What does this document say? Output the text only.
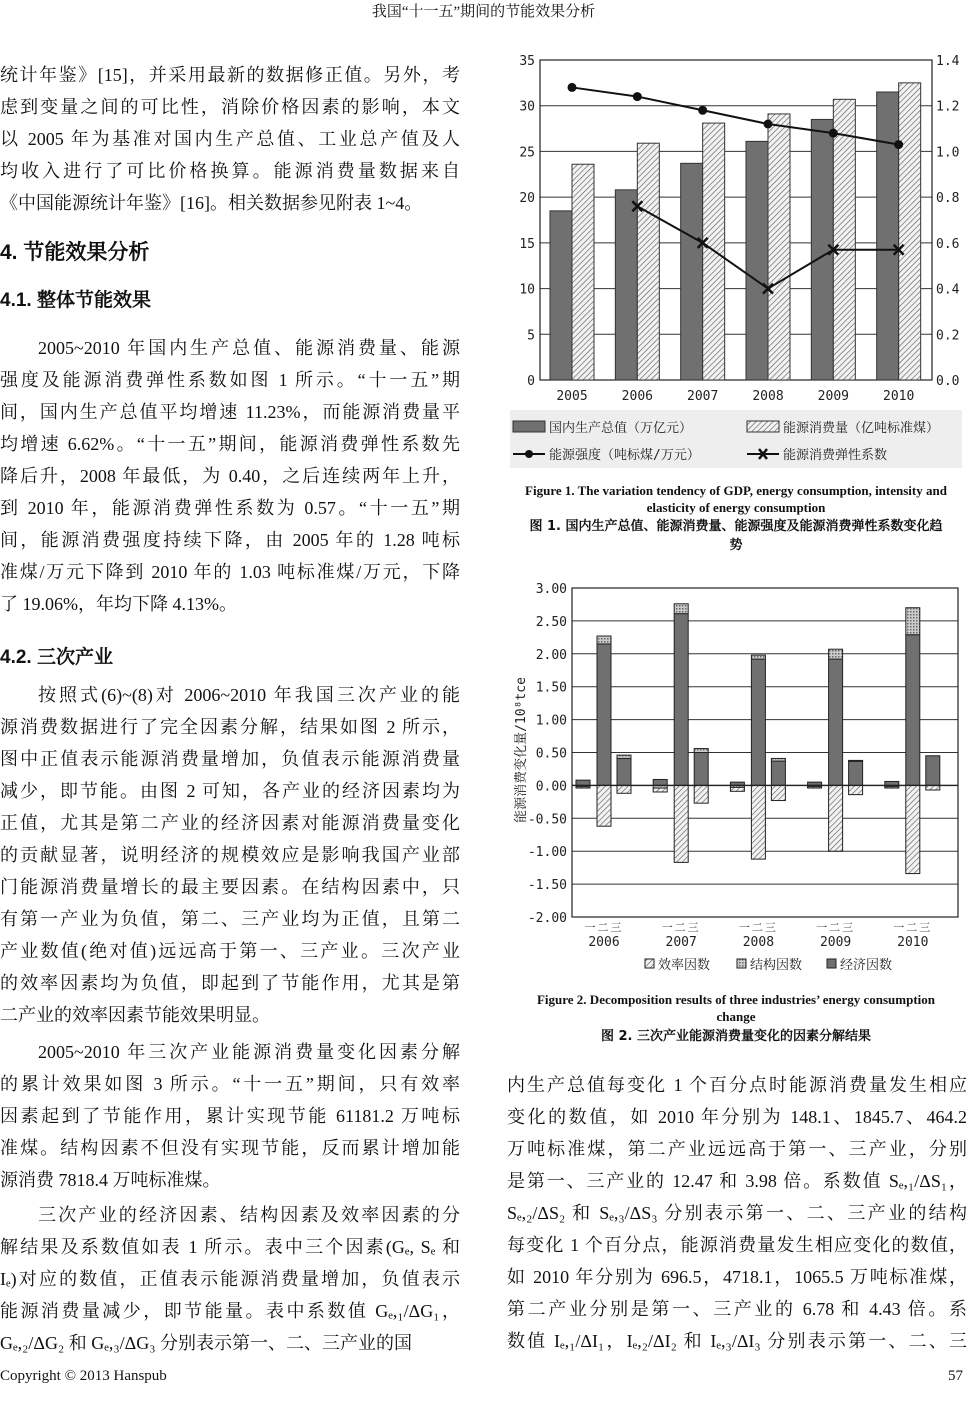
我国“十一五”期间的节能效果分析
统计年鉴》[15]，并采用最新的数据修正值。另外，考
虑到变量之间的可比性，消除价格因素的影响，本文
以 2005 年为基准对国内生产总值、工业总产值及人
均收入进行了可比价格换算。能源消费量数据来自
《中国能源统计年鉴》[16]。相关数据参见附表 1~4。
4. 节能效果分析
4.1. 整体节能效果
2005~2010 年国内生产总值、能源消费量、能源
强度及能源消费弹性系数如图 1 所示。“十一五”期
间，国内生产总值平均增速 11.23%，而能源消费量平
均增速 6.62%。“十一五”期间，能源消费弹性系数先
降后升，2008 年最低，为 0.40，之后连续两年上升，
到 2010 年，能源消费弹性系数为 0.57。“十一五”期
间，能源消费强度持续下降，由 2005 年的 1.28 吨标
准煤/万元下降到 2010 年的 1.03 吨标准煤/万元，下降
了 19.06%，年均下降 4.13%。
4.2. 三次产业
按照式(6)~(8)对 2006~2010 年我国三次产业的能
源消费数据进行了完全因素分解，结果如图 2 所示，
图中正值表示能源消费量增加，负值表示能源消费量
减少，即节能。由图 2 可知，各产业的经济因素均为
正值，尤其是第二产业的经济因素对能源消费量变化
的贡献显著，说明经济的规模效应是影响我国产业部
门能源消费量增长的最主要因素。在结构因素中，只
有第一产业为负值，第二、三产业均为正值，且第二
产业数值(绝对值)远远高于第一、三产业。三次产业
的效率因素均为负值，即起到了节能作用，尤其是第
二产业的效率因素节能效果明显。
2005~2010 年三次产业能源消费量变化因素分解
的累计效果如图 3 所示。“十一五”期间，只有效率
因素起到了节能作用，累计实现节能 61181.2 万吨标
准煤。结构因素不但没有实现节能，反而累计增加能
源消费 7818.4 万吨标准煤。
三次产业的经济因素、结构因素及效率因素的分
解结果及系数值如表 1 所示。表中三个因素(Gₑ, Sₑ 和
Iₑ)对应的数值，正值表示能源消费量增加，负值表示
能源消费量减少，即节能量。表中系数值 Gₑ,₁/ΔG₁，
Gₑ,₂/ΔG₂ 和 Gₑ,₃/ΔG₃ 分别表示第一、二、三产业的国
内生产总值每变化 1 个百分点时能源消费量发生相应
变化的数值，如 2010 年分别为 148.1、1845.7、464.2
万吨标准煤，第二产业远远高于第一、三产业，分别
是第一、三产业的 12.47 和 3.98 倍。系数值 Sₑ,₁/ΔS₁，
Sₑ,₂/ΔS₂ 和 Sₑ,₃/ΔS₃ 分别表示第一、二、三产业的结构
每变化 1 个百分点，能源消费量发生相应变化的数值，
如 2010 年分别为 696.5，4718.1，1065.5 万吨标准煤，
第二产业分别是第一、三产业的 6.78 和 4.43 倍。系
数值 Iₑ,₁/ΔI₁，Iₑ,₂/ΔI₂ 和 Iₑ,₃/ΔI₃ 分别表示第一、二、三
0
5
10
15
20
25
30
35
0.0
0.2
0.4
0.6
0.8
1.0
1.2
1.4
2005	2006	2007	2008	2009	2010
国内生产总值（万亿元）	能源消费量（亿吨标准煤）
能源强度（吨标煤/万元）	能源消费弹性系数
Figure 1. The variation tendency of GDP, energy consumption, intensity and elasticity of energy consumption
图 1. 国内生产总值、能源消费量、能源强度及能源消费弹性系数变化趋势
3.00
2.50
2.00
1.50
1.00
0.50
0.00
-0.50
-1.00
-1.50
-2.00
能源消费变化量/10⁸tce
一二三
2006
一二三
2007
一二三
2008
一二三
2009
一二三
2010
效率因数	结构因数	经济因数
Figure 2. Decomposition results of three industries’ energy consumption change
图 2. 三次产业能源消费量变化的因素分解结果
Copyright © 2013 Hanspub	57
